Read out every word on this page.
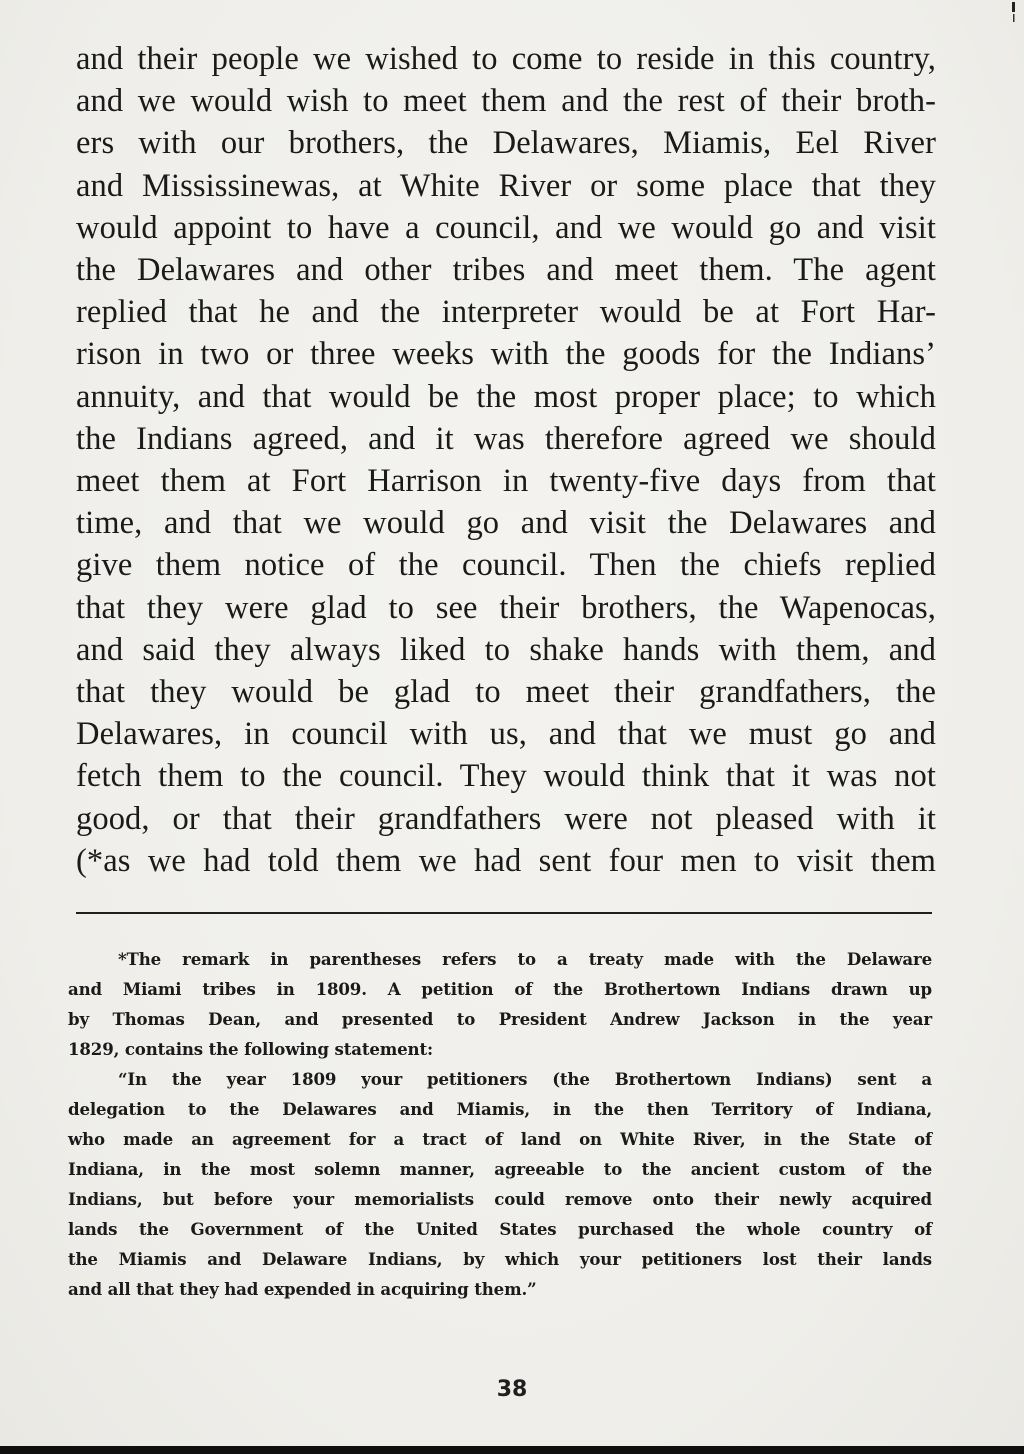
and their people we wished to come to reside in this country,
and we would wish to meet them and the rest of their broth-
ers with our brothers, the Delawares, Miamis, Eel River
and Mississinewas, at White River or some place that they
would appoint to have a council, and we would go and visit
the Delawares and other tribes and meet them. The agent
replied that he and the interpreter would be at Fort Har-
rison in two or three weeks with the goods for the Indians’
annuity, and that would be the most proper place; to which
the Indians agreed, and it was therefore agreed we should
meet them at Fort Harrison in twenty-five days from that
time, and that we would go and visit the Delawares and
give them notice of the council. Then the chiefs replied
that they were glad to see their brothers, the Wapenocas,
and said they always liked to shake hands with them, and
that they would be glad to meet their grandfathers, the
Delawares, in council with us, and that we must go and
fetch them to the council. They would think that it was not
good, or that their grandfathers were not pleased with it
(*as we had told them we had sent four men to visit them
*The remark in parentheses refers to a treaty made with the Delaware
and Miami tribes in 1809. A petition of the Brothertown Indians drawn up
by Thomas Dean, and presented to President Andrew Jackson in the year
1829, contains the following statement:
“In the year 1809 your petitioners (the Brothertown Indians) sent a
delegation to the Delawares and Miamis, in the then Territory of Indiana,
who made an agreement for a tract of land on White River, in the State of
Indiana, in the most solemn manner, agreeable to the ancient custom of the
Indians, but before your memorialists could remove onto their newly acquired
lands the Government of the United States purchased the whole country of
the Miamis and Delaware Indians, by which your petitioners lost their lands
and all that they had expended in acquiring them.”
38
